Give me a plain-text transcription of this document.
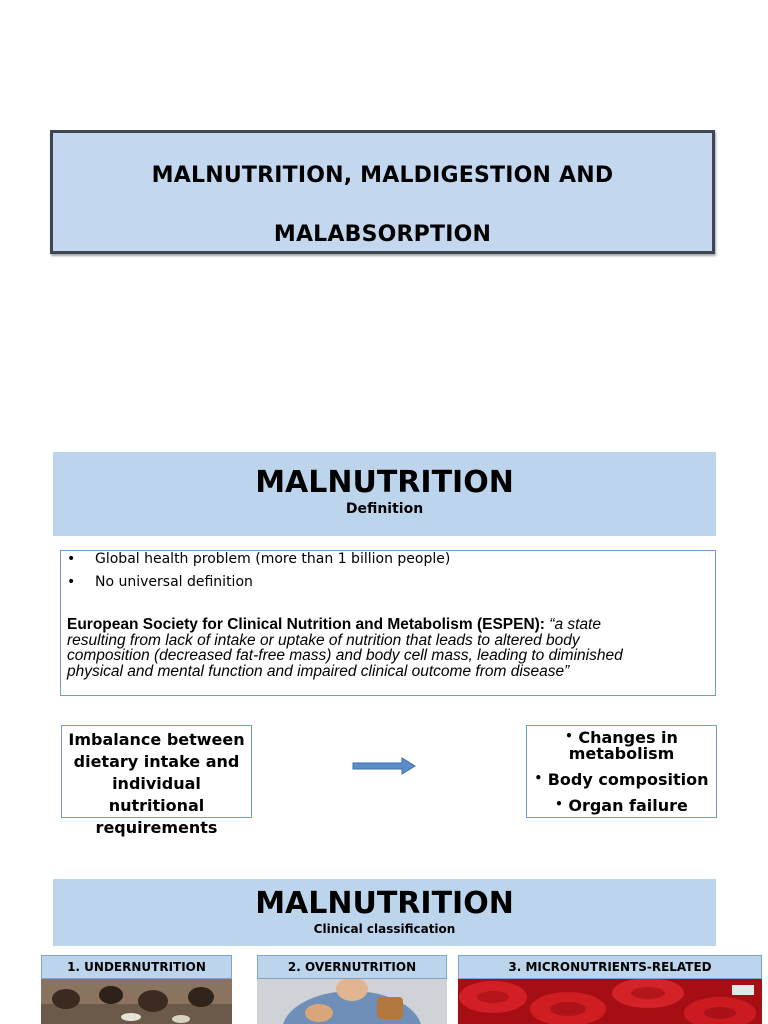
MALNUTRITION, MALDIGESTION AND
MALABSORPTION
MALNUTRITION
Definition
• Global health problem (more than 1 billion people)
• No universal definition
European Society for Clinical Nutrition and Metabolism (ESPEN): “a state
resulting from lack of intake or uptake of nutrition that leads to altered body
composition (decreased fat-free mass) and body cell mass, leading to diminished
physical and mental function and impaired clinical outcome from disease”
Imbalance between
dietary intake and
individual nutritional
requirements
• Changes in
metabolism
• Body composition
• Organ failure
MALNUTRITION
Clinical classification
1. UNDERNUTRITION	2. OVERNUTRITION	3. MICRONUTRIENTS-RELATED
